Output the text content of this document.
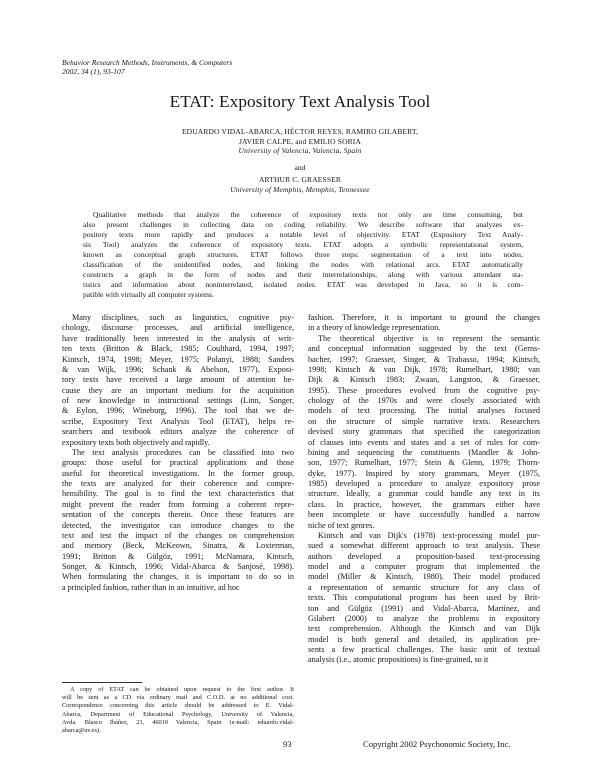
Behavior Research Methods, Instruments, & Computers
2002, 34 (1), 93-107
ETAT: Expository Text Analysis Tool
EDUARDO VIDAL-ABARCA, HÉCTOR REYES, RAMIRO GILABERT,
JAVIER CALPE, and EMILIO SORIA
University of Valencia, Valencia, Spain
and
ARTHUR C. GRAESSER
University of Memphis, Memphis, Tennessee
Qualitative methods that analyze the coherence of expository texts not only are time consuming, but
also present challenges in collecting data on coding reliability. We describe software that analyzes ex-
pository texts more rapidly and produces a notable level of objectivity. ETAT (Expository Text Analy-
sis Tool) analyzes the coherence of expository texts. ETAT adopts a symbolic representational system,
known as conceptual graph structures. ETAT follows three steps: segmentation of a text into nodes,
classification of the unidentified nodes, and linking the nodes with relational arcs. ETAT automatically
constructs a graph in the form of nodes and their interrelationships, along with various attendant sta-
tistics and information about noninterrelated, isolated nodes. ETAT was developed in Java, so it is com-
patible with virtually all computer systems.
Many disciplines, such as linguistics, cognitive psy-
chology, discourse processes, and artificial intelligence,
have traditionally been interested in the analysis of writ-
ten texts (Britton & Black, 1985; Coulthard, 1994, 1997;
Kintsch, 1974, 1998; Meyer, 1975; Polanyi, 1988; Sanders
& van Wijk, 1996; Schank & Abelson, 1977). Exposi-
tory texts have received a large amount of attention be-
cause they are an important medium for the acquisition
of new knowledge in instructional settings (Linn, Songer,
& Eylon, 1996; Wineburg, 1996). The tool that we de-
scribe, Expository Text Analysis Tool (ETAT), helps re-
searchers and textbook editors analyze the coherence of
expository texts both objectively and rapidly.
The text analysis procedures can be classified into two
groups: those useful for practical applications and those
useful for theoretical investigations. In the former group,
the texts are analyzed for their coherence and compre-
hensibility. The goal is to find the text characteristics that
might prevent the reader from forming a coherent repre-
sentation of the concepts therein. Once these features are
detected, the investigator can introduce changes to the
text and test the impact of the changes on comprehension
and memory (Beck, McKeown, Sinatra, & Loxterman,
1991; Britton & Gülgöz, 1991; McNamara, Kintsch,
Songer, & Kintsch, 1996; Vidal-Abarca & Sanjosé, 1998).
When formulating the changes, it is important to do so in
a principled fashion, rather than in an intuitive, ad hoc
fashion. Therefore, it is important to ground the changes
in a theory of knowledge representation.
The theoretical objective is to represent the semantic
and conceptual information suggested by the text (Gerns-
bacher, 1997; Graesser, Singer, & Trabasso, 1994; Kintsch,
1998; Kintsch & van Dijk, 1978; Rumelhart, 1980; van
Dijk & Kintsch 1983; Zwaan, Langston, & Graesser,
1995). These procedures evolved from the cognitive psy-
chology of the 1970s and were closely associated with
models of text processing. The initial analyses focused
on the structure of simple narrative texts. Researchers
devised story grammars that specified the categorization
of clauses into events and states and a set of rules for com-
bining and sequencing the constituents (Mandler & John-
son, 1977; Rumelhart, 1977; Stein & Glenn, 1979; Thorn-
dyke, 1977). Inspired by story grammars, Meyer (1975,
1985) developed a procedure to analyze expository prose
structure. Ideally, a grammar could handle any text in its
class. In practice, however, the grammars either have
been incomplete or have successfully handled a narrow
niche of text genres.
Kintsch and van Dijk's (1978) text-processing model pur-
sued a somewhat different approach to text analysis. These
authors developed a proposition-based text-processing
model and a computer program that implemented the
model (Miller & Kintsch, 1980). Their model produced
a representation of semantic structure for any class of
texts. This computational program has been used by Brit-
ton and Gülgöz (1991) and Vidal-Abarca, Martínez, and
Gilabert (2000) to analyze the problems in expository
text comprehension. Although the Kintsch and van Dijk
model is both general and detailed, its application pre-
sents a few practical challenges. The basic unit of textual
analysis (i.e., atomic propositions) is fine-grained, so it
A copy of ETAT can be obtained upon request to the first author. It
will be sent as a CD via ordinary mail and C.O.D. at no additional cost.
Correspondence concerning this article should be addressed to E. Vidal-
Abarca, Department of Educational Psychology, University of Valencia,
Avda. Blasco Ibáñez, 21, 46010 Valencia, Spain (e-mail: eduardo.vidal-
abarca@uv.es).
93	Copyright 2002 Psychonomic Society, Inc.
